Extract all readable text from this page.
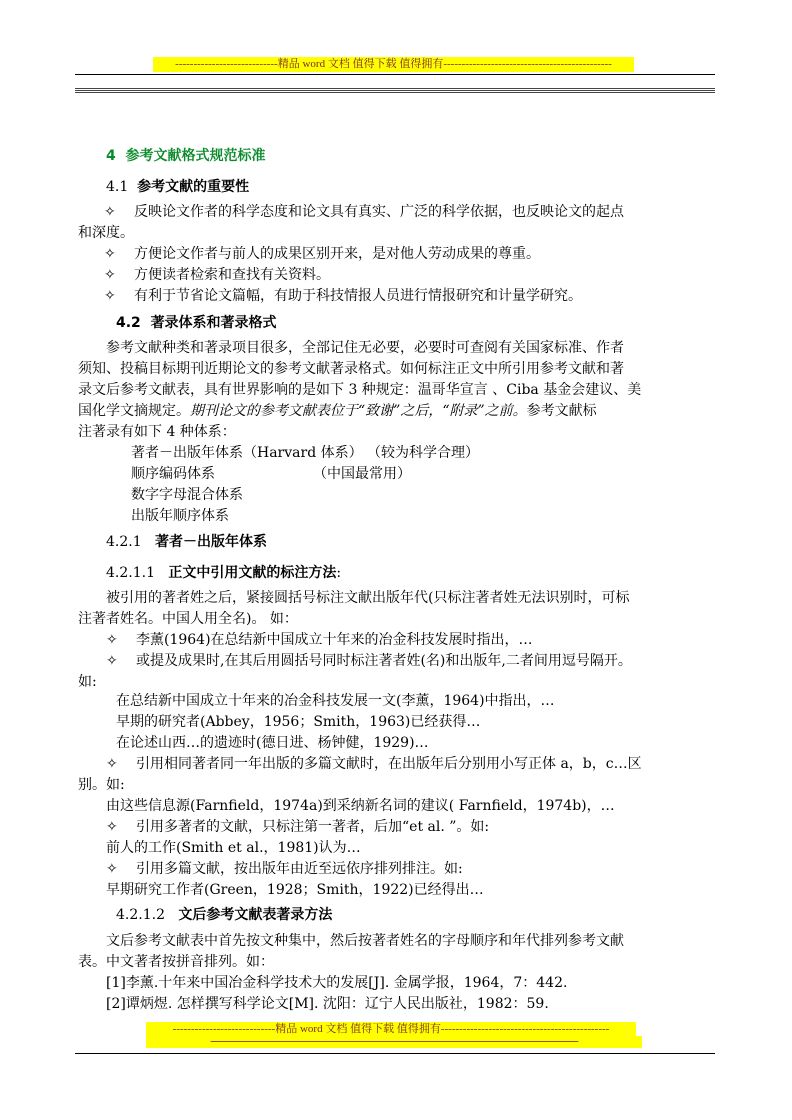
----------------------------精品 word 文档 值得下载 值得拥有----------------------------------------------
4 参考文献格式规范标准
4.1 参考文献的重要性
✧ 反映论文作者的科学态度和论文具有真实、广泛的科学依据，也反映论文的起点
和深度。
✧ 方便论文作者与前人的成果区别开来，是对他人劳动成果的尊重。
✧ 方便读者检索和查找有关资料。
✧ 有利于节省论文篇幅，有助于科技情报人员进行情报研究和计量学研究。
4.2 著录体系和著录格式
参考文献种类和著录项目很多，全部记住无必要，必要时可查阅有关国家标准、作者
须知、投稿目标期刊近期论文的参考文献著录格式。如何标注正文中所引用参考文献和著
录文后参考文献表，具有世界影响的是如下 3 种规定：温哥华宣言 、Ciba 基金会建议、美
国化学文摘规定。期刊论文的参考文献表位于“致谢”之后，“附录”之前。参考文献标
注著录有如下 4 种体系：
著者－出版年体系（Harvard 体系） （较为科学合理）
顺序编码体系	（中国最常用）
数字字母混合体系
出版年顺序体系
4.2.1 著者－出版年体系
4.2.1.1 正文中引用文献的标注方法:
被引用的著者姓之后，紧接圆括号标注文献出版年代(只标注著者姓无法识别时，可标
注著者姓名。中国人用全名)。 如：
✧ 李薰(1964)在总结新中国成立十年来的冶金科技发展时指出，…
✧ 或提及成果时,在其后用圆括号同时标注著者姓(名)和出版年,二者间用逗号隔开。
如:
在总结新中国成立十年来的冶金科技发展一文(李薰，1964)中指出，…
早期的研究者(Abbey，1956；Smith，1963)已经获得…
在论述山西…的遗迹时(德日进、杨钟健，1929)…
✧ 引用相同著者同一年出版的多篇文献时，在出版年后分别用小写正体 a，b，c…区
别。如:
由这些信息源(Farnfield，1974a)到采纳新名词的建议( Farnfield，1974b)，…
✧ 引用多著者的文献，只标注第一著者，后加“et al. ”。如:
前人的工作(Smith et al.，1981)认为…
✧ 引用多篇文献，按出版年由近至远依序排列排注。如:
早期研究工作者(Green，1928；Smith，1922)已经得出…
4.2.1.2 文后参考文献表著录方法
文后参考文献表中首先按文种集中，然后按著者姓名的字母顺序和年代排列参考文献
表。中文著者按拼音排列。如：
[1]李薰.十年来中国冶金科学技术大的发展[J]. 金属学报，1964，7：442.
[2]谭炳煜. 怎样撰写科学论文[M]. 沈阳：辽宁人民出版社，1982：59.
----------------------------精品 word 文档 值得下载 值得拥有----------------------------------------------
------------------------------------------------------------------------------------------------------------------------------------------
